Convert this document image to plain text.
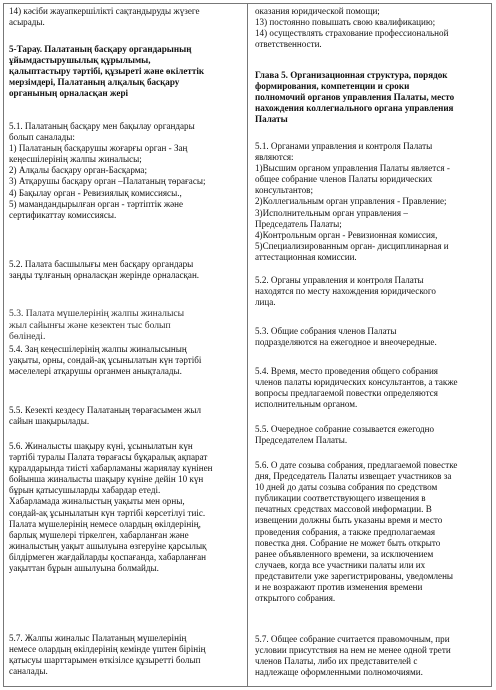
14) кәсіби жауапкершілікті сақтандыруды жүзеге
асырады.

5-Тарау. Палатаның басқару органдарының
ұйымдастырушылық құрылымы,
қалыптастыру тәртібі, құзыреті және өкілеттік
мерзімдері, Палатаның алқалық басқару
органының орналасқан жері

5.1. Палатаның басқару мен бақылау органдары
болып саналады:
1) Палатаның басқарушы жоғарғы орган - Заң
кеңесшілерінің жалпы жиналысы;
2) Алқалы басқару орган-Басқарма;
3) Атқарушы басқару орган –Палатаның төрағасы;
4) Бақылау орган - Ревизиялық комиссиясы.,
5) мамандандырылған орган - тәртіптік және
сертификаттау комиссиясы.

5.2. Палата басшылығы мен басқару органдары
заңды тұлғаның орналасқан жерінде орналасқан.

5.3. Палата мүшелерінің жалпы жиналысы
жыл сайынғы және кезектен тыс болып
бөлінеді.

5.4. Заң кеңесшілерінің жалпы жиналысының
уақыты, орны, сондай-ақ ұсынылатын күн тәртібі
мәселелері атқарушы органмен анықталады.

5.5. Кезекті кездесу Палатаның төрағасымен жыл
сайын шақырылады.

5.6. Жиналысты шақыру күні, ұсынылатын күн
тәртібі туралы Палата төрағасы бұқаралық ақпарат
құралдарында тиісті хабарламаны жариялау күнінен
бойынша жиналысты шақыру күніне дейін 10 күн
бұрын қатысушыларды хабардар етеді.
Хабарламада жиналыстың уақыты мен орны,
сондай-ақ ұсынылатын күн тәртібі көрсетілуі тиіс.
Палата мүшелерінің немесе олардың өкілдерінің,
барлық мүшелері тіркелген, хабарланған және
жиналыстың уақыт ашылуына өзгеруіне қарсылық
білдірмеген жағдайларды қоспағанда, хабарланған
уақыттан бұрын ашылуына болмайды.

5.7. Жалпы жиналыс Палатаның мүшелерінің
немесе олардың өкілдерінің кемінде үштен бірінің
қатысуы шарттарымен өткізілсе құзыретті болып
саналады.

оказания юридической помощи;
13) постоянно повышать свою квалификацию;
14) осуществлять страхование профессиональной
ответственности.

Глава 5. Организационная структура, порядок
формирования, компетенции и сроки
полномочий органов управления Палаты, место
нахождения коллегиального органа управления
Палаты

5.1. Органами управления и контроля Палаты
являются:
1)Высшим органом управления Палаты является -
общее собрание членов Палаты юридических
консультантов;
2)Коллегиальным орган управления - Правление;
3)Исполнительным орган управления –
Председатель Палаты;
4)Контрольным орган - Ревизионная комиссия,
5)Специализированным орган- дисциплинарная и
аттестационная комиссии.

5.2. Органы управления и контроля Палаты
находятся по месту нахождения юридического
лица.

5.3. Общие собрания членов Палаты
подразделяются на ежегодное и внеочередные.

5.4. Время, место проведения общего собрания
членов палаты юридических консультантов, а также
вопросы предлагаемой повестки определяются
исполнительным органом.

5.5. Очередное собрание созывается ежегодно
Председателем Палаты.

5.6. О дате созыва собрания, предлагаемой повестке
дня, Председатель Палаты извещает участников за
10 дней до даты созыва собрания по средством
публикации соответствующего извещения в
печатных средствах массовой информации. В
извещении должны быть указаны время и место
проведения собрания, а также предполагаемая
повестка дня. Собрание не может быть открыто
ранее объявленного времени, за исключением
случаев, когда все участники палаты или их
представители уже зарегистрированы, уведомлены
и не возражают против изменения времени
открытого собрания.

5.7. Общее собрание считается правомочным, при
условии присутствия на нем не менее одной трети
членов Палаты, либо их представителей с
надлежаще оформленными полномочиями.
